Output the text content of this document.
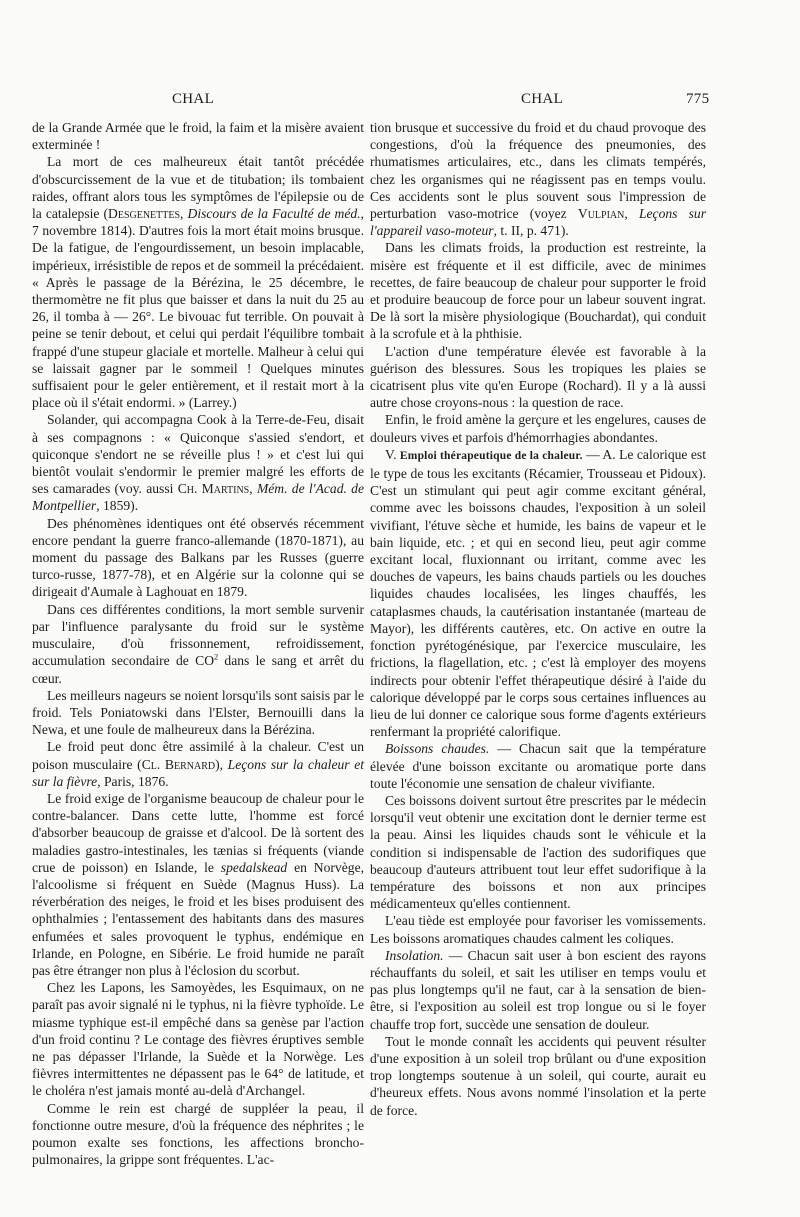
CHAL	CHAL	775

de la Grande Armée que le froid, la faim et la misère avaient exterminée !

La mort de ces malheureux était tantôt précédée d'obscurcissement de la vue et de titubation; ils tombaient raides, offrant alors tous les symptômes de l'épilepsie ou de la catalepsie (Desgenettes, Discours de la Faculté de méd., 7 novembre 1814). D'autres fois la mort était moins brusque. De la fatigue, de l'engourdissement, un besoin implacable, impérieux, irrésistible de repos et de sommeil la précédaient. « Après le passage de la Bérézina, le 25 décembre, le thermomètre ne fit plus que baisser et dans la nuit du 25 au 26, il tomba à — 26°. Le bivouac fut terrible. On pouvait à peine se tenir debout, et celui qui perdait l'équilibre tombait frappé d'une stupeur glaciale et mortelle. Malheur à celui qui se laissait gagner par le sommeil ! Quelques minutes suffisaient pour le geler entièrement, et il restait mort à la place où il s'était endormi. » (Larrey.)

Solander, qui accompagna Cook à la Terre-de-Feu, disait à ses compagnons : « Quiconque s'assied s'endort, et quiconque s'endort ne se réveille plus ! » et c'est lui qui bientôt voulait s'endormir le premier malgré les efforts de ses camarades (voy. aussi Ch. Martins, Mém. de l'Acad. de Montpellier, 1859).

Des phénomènes identiques ont été observés récemment encore pendant la guerre franco-allemande (1870-1871), au moment du passage des Balkans par les Russes (guerre turco-russe, 1877-78), et en Algérie sur la colonne qui se dirigeait d'Aumale à Laghouat en 1879.

Dans ces différentes conditions, la mort semble survenir par l'influence paralysante du froid sur le système musculaire, d'où frissonnement, refroidissement, accumulation secondaire de $CO^2$ dans le sang et arrêt du cœur.

Les meilleurs nageurs se noient lorsqu'ils sont saisis par le froid. Tels Poniatowski dans l'Elster, Bernouilli dans la Newa, et une foule de malheureux dans la Bérézina.

Le froid peut donc être assimilé à la chaleur. C'est un poison musculaire (Cl. Bernard), Leçons sur la chaleur et sur la fièvre, Paris, 1876.

Le froid exige de l'organisme beaucoup de chaleur pour le contre-balancer. Dans cette lutte, l'homme est forcé d'absorber beaucoup de graisse et d'alcool. De là sortent des maladies gastro-intestinales, les tænias si fréquents (viande crue de poisson) en Islande, le spedalskead en Norvège, l'alcoolisme si fréquent en Suède (Magnus Huss). La réverbération des neiges, le froid et les bises produisent des ophthalmies ; l'entassement des habitants dans des masures enfumées et sales provoquent le typhus, endémique en Irlande, en Pologne, en Sibérie. Le froid humide ne paraît pas être étranger non plus à l'éclosion du scorbut.

Chez les Lapons, les Samoyèdes, les Esquimaux, on ne paraît pas avoir signalé ni le typhus, ni la fièvre typhoïde. Le miasme typhique est-il empêché dans sa genèse par l'action d'un froid continu ? Le contage des fièvres éruptives semble ne pas dépasser l'Irlande, la Suède et la Norwège. Les fièvres intermittentes ne dépassent pas le 64° de latitude, et le choléra n'est jamais monté au-delà d'Archangel.

Comme le rein est chargé de suppléer la peau, il fonctionne outre mesure, d'où la fréquence des néphrites ; le poumon exalte ses fonctions, les affections broncho-pulmonaires, la grippe sont fréquentes. L'ac-

tion brusque et successive du froid et du chaud provoque des congestions, d'où la fréquence des pneumonies, des rhumatismes articulaires, etc., dans les climats tempérés, chez les organismes qui ne réagissent pas en temps voulu. Ces accidents sont le plus souvent sous l'impression de perturbation vaso-motrice (voyez Vulpian, Leçons sur l'appareil vaso-moteur, t. II, p. 471).

Dans les climats froids, la production est restreinte, la misère est fréquente et il est difficile, avec de minimes recettes, de faire beaucoup de chaleur pour supporter le froid et produire beaucoup de force pour un labeur souvent ingrat. De là sort la misère physiologique (Bouchardat), qui conduit à la scrofule et à la phthisie.

L'action d'une température élevée est favorable à la guérison des blessures. Sous les tropiques les plaies se cicatrisent plus vite qu'en Europe (Rochard). Il y a là aussi autre chose croyons-nous : la question de race.

Enfin, le froid amène la gerçure et les engelures, causes de douleurs vives et parfois d'hémorrhagies abondantes.

V. Emploi thérapeutique de la chaleur. — A. Le calorique est le type de tous les excitants (Récamier, Trousseau et Pidoux). C'est un stimulant qui peut agir comme excitant général, comme avec les boissons chaudes, l'exposition à un soleil vivifiant, l'étuve sèche et humide, les bains de vapeur et le bain liquide, etc. ; et qui en second lieu, peut agir comme excitant local, fluxionnant ou irritant, comme avec les douches de vapeurs, les bains chauds partiels ou les douches liquides chaudes localisées, les linges chauffés, les cataplasmes chauds, la cautérisation instantanée (marteau de Mayor), les différents cautères, etc. On active en outre la fonction pyrétogénésique, par l'exercice musculaire, les frictions, la flagellation, etc. ; c'est là employer des moyens indirects pour obtenir l'effet thérapeutique désiré à l'aide du calorique développé par le corps sous certaines influences au lieu de lui donner ce calorique sous forme d'agents extérieurs renfermant la propriété calorifique.

Boissons chaudes. — Chacun sait que la température élevée d'une boisson excitante ou aromatique porte dans toute l'économie une sensation de chaleur vivifiante.

Ces boissons doivent surtout être prescrites par le médecin lorsqu'il veut obtenir une excitation dont le dernier terme est la peau. Ainsi les liquides chauds sont le véhicule et la condition si indispensable de l'action des sudorifiques que beaucoup d'auteurs attribuent tout leur effet sudorifique à la température des boissons et non aux principes médicamenteux qu'elles contiennent.

L'eau tiède est employée pour favoriser les vomissements. Les boissons aromatiques chaudes calment les coliques.

Insolation. — Chacun sait user à bon escient des rayons réchauffants du soleil, et sait les utiliser en temps voulu et pas plus longtemps qu'il ne faut, car à la sensation de bien-être, si l'exposition au soleil est trop longue ou si le foyer chauffe trop fort, succède une sensation de douleur.

Tout le monde connaît les accidents qui peuvent résulter d'une exposition à un soleil trop brûlant ou d'une exposition trop longtemps soutenue à un soleil, qui courte, aurait eu d'heureux effets. Nous avons nommé l'insolation et la perte de force.
